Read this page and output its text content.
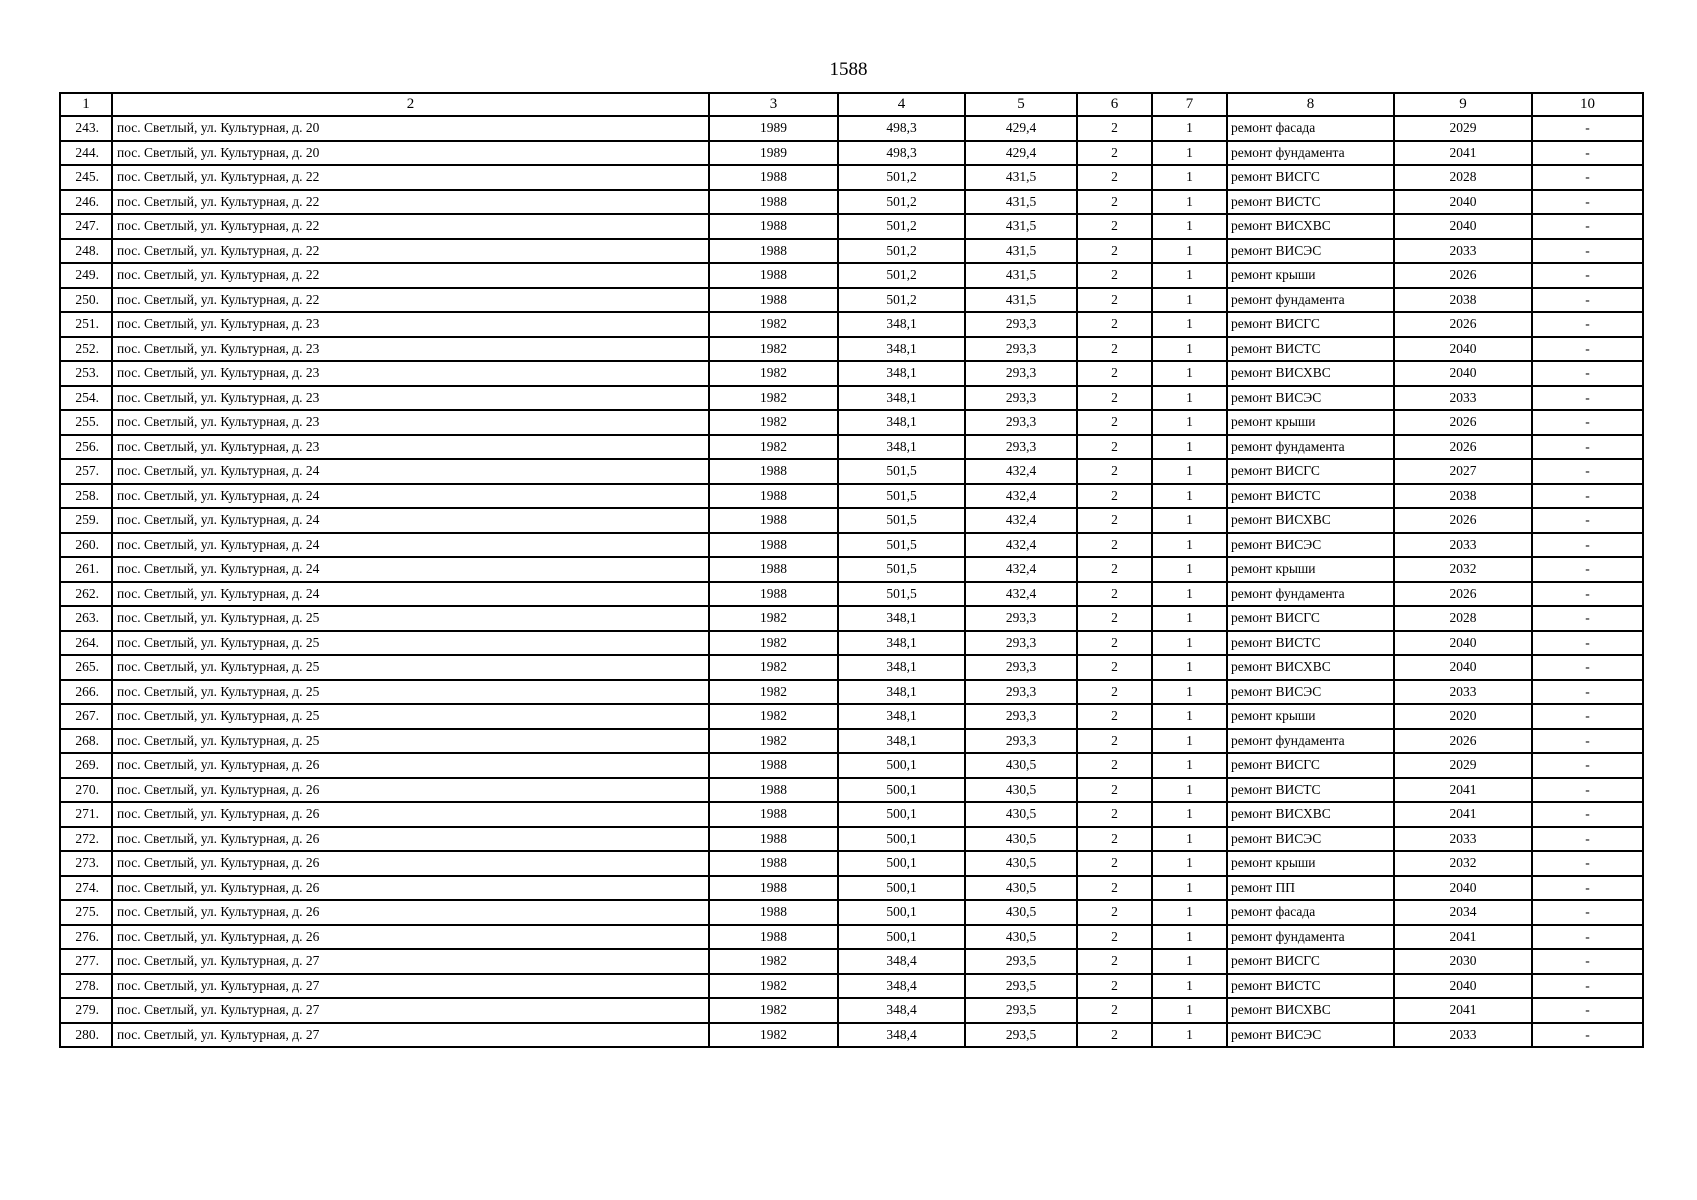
1588
1	2	3	4	5	6	7	8	9	10
243.	пос. Светлый, ул. Культурная, д. 20	1989	498,3	429,4	2	1	ремонт фасада	2029	-
244.	пос. Светлый, ул. Культурная, д. 20	1989	498,3	429,4	2	1	ремонт фундамента	2041	-
245.	пос. Светлый, ул. Культурная, д. 22	1988	501,2	431,5	2	1	ремонт ВИСГС	2028	-
246.	пос. Светлый, ул. Культурная, д. 22	1988	501,2	431,5	2	1	ремонт ВИСТС	2040	-
247.	пос. Светлый, ул. Культурная, д. 22	1988	501,2	431,5	2	1	ремонт ВИСХВС	2040	-
248.	пос. Светлый, ул. Культурная, д. 22	1988	501,2	431,5	2	1	ремонт ВИСЭС	2033	-
249.	пос. Светлый, ул. Культурная, д. 22	1988	501,2	431,5	2	1	ремонт крыши	2026	-
250.	пос. Светлый, ул. Культурная, д. 22	1988	501,2	431,5	2	1	ремонт фундамента	2038	-
251.	пос. Светлый, ул. Культурная, д. 23	1982	348,1	293,3	2	1	ремонт ВИСГС	2026	-
252.	пос. Светлый, ул. Культурная, д. 23	1982	348,1	293,3	2	1	ремонт ВИСТС	2040	-
253.	пос. Светлый, ул. Культурная, д. 23	1982	348,1	293,3	2	1	ремонт ВИСХВС	2040	-
254.	пос. Светлый, ул. Культурная, д. 23	1982	348,1	293,3	2	1	ремонт ВИСЭС	2033	-
255.	пос. Светлый, ул. Культурная, д. 23	1982	348,1	293,3	2	1	ремонт крыши	2026	-
256.	пос. Светлый, ул. Культурная, д. 23	1982	348,1	293,3	2	1	ремонт фундамента	2026	-
257.	пос. Светлый, ул. Культурная, д. 24	1988	501,5	432,4	2	1	ремонт ВИСГС	2027	-
258.	пос. Светлый, ул. Культурная, д. 24	1988	501,5	432,4	2	1	ремонт ВИСТС	2038	-
259.	пос. Светлый, ул. Культурная, д. 24	1988	501,5	432,4	2	1	ремонт ВИСХВС	2026	-
260.	пос. Светлый, ул. Культурная, д. 24	1988	501,5	432,4	2	1	ремонт ВИСЭС	2033	-
261.	пос. Светлый, ул. Культурная, д. 24	1988	501,5	432,4	2	1	ремонт крыши	2032	-
262.	пос. Светлый, ул. Культурная, д. 24	1988	501,5	432,4	2	1	ремонт фундамента	2026	-
263.	пос. Светлый, ул. Культурная, д. 25	1982	348,1	293,3	2	1	ремонт ВИСГС	2028	-
264.	пос. Светлый, ул. Культурная, д. 25	1982	348,1	293,3	2	1	ремонт ВИСТС	2040	-
265.	пос. Светлый, ул. Культурная, д. 25	1982	348,1	293,3	2	1	ремонт ВИСХВС	2040	-
266.	пос. Светлый, ул. Культурная, д. 25	1982	348,1	293,3	2	1	ремонт ВИСЭС	2033	-
267.	пос. Светлый, ул. Культурная, д. 25	1982	348,1	293,3	2	1	ремонт крыши	2020	-
268.	пос. Светлый, ул. Культурная, д. 25	1982	348,1	293,3	2	1	ремонт фундамента	2026	-
269.	пос. Светлый, ул. Культурная, д. 26	1988	500,1	430,5	2	1	ремонт ВИСГС	2029	-
270.	пос. Светлый, ул. Культурная, д. 26	1988	500,1	430,5	2	1	ремонт ВИСТС	2041	-
271.	пос. Светлый, ул. Культурная, д. 26	1988	500,1	430,5	2	1	ремонт ВИСХВС	2041	-
272.	пос. Светлый, ул. Культурная, д. 26	1988	500,1	430,5	2	1	ремонт ВИСЭС	2033	-
273.	пос. Светлый, ул. Культурная, д. 26	1988	500,1	430,5	2	1	ремонт крыши	2032	-
274.	пос. Светлый, ул. Культурная, д. 26	1988	500,1	430,5	2	1	ремонт ПП	2040	-
275.	пос. Светлый, ул. Культурная, д. 26	1988	500,1	430,5	2	1	ремонт фасада	2034	-
276.	пос. Светлый, ул. Культурная, д. 26	1988	500,1	430,5	2	1	ремонт фундамента	2041	-
277.	пос. Светлый, ул. Культурная, д. 27	1982	348,4	293,5	2	1	ремонт ВИСГС	2030	-
278.	пос. Светлый, ул. Культурная, д. 27	1982	348,4	293,5	2	1	ремонт ВИСТС	2040	-
279.	пос. Светлый, ул. Культурная, д. 27	1982	348,4	293,5	2	1	ремонт ВИСХВС	2041	-
280.	пос. Светлый, ул. Культурная, д. 27	1982	348,4	293,5	2	1	ремонт ВИСЭС	2033	-
